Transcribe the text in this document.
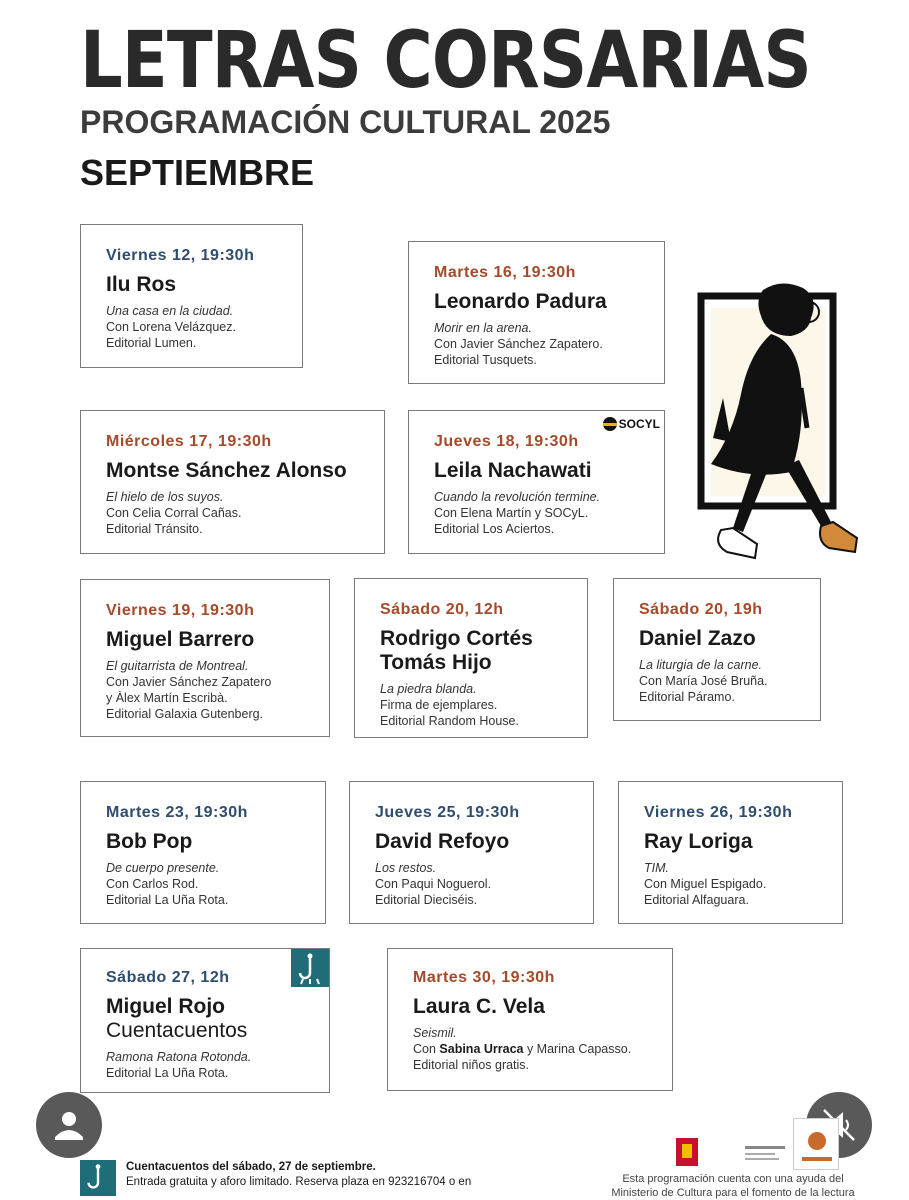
LETRAS CORSARIAS
PROGRAMACIÓN CULTURAL 2025
SEPTIEMBRE
Viernes 12, 19:30h
Ilu Ros
Una casa en la ciudad.
Con Lorena Velázquez.
Editorial Lumen.
Martes 16, 19:30h
Leonardo Padura
Morir en la arena.
Con Javier Sánchez Zapatero.
Editorial Tusquets.
Miércoles 17, 19:30h
Montse Sánchez Alonso
El hielo de los suyos.
Con Celia Corral Cañas.
Editorial Tránsito.
SOCYL
Jueves 18, 19:30h
Leila Nachawati
Cuando la revolución termine.
Con Elena Martín y SOCyL.
Editorial Los Aciertos.
Viernes 19, 19:30h
Miguel Barrero
El guitarrista de Montreal.
Con Javier Sánchez Zapatero
y Àlex Martín Escribà.
Editorial Galaxia Gutenberg.
Sábado 20, 12h
Rodrigo Cortés
Tomás Hijo
La piedra blanda.
Firma de ejemplares.
Editorial Random House.
Sábado 20, 19h
Daniel Zazo
La liturgia de la carne.
Con María José Bruña.
Editorial Páramo.
Martes 23, 19:30h
Bob Pop
De cuerpo presente.
Con Carlos Rod.
Editorial La Uña Rota.
Jueves 25, 19:30h
David Refoyo
Los restos.
Con Paqui Noguerol.
Editorial Dieciséis.
Viernes 26, 19:30h
Ray Loriga
TIM.
Con Miguel Espigado.
Editorial Alfaguara.
Sábado 27, 12h
Miguel Rojo
Cuentacuentos
Ramona Ratona Rotonda.
Editorial La Uña Rota.
Martes 30, 19:30h
Laura C. Vela
Seismil.
Con Sabina Urraca y Marina Capasso.
Editorial niños gratis.
Cuentacuentos del sábado, 27 de septiembre.
Entrada gratuita y aforo limitado. Reserva plaza en 923216704 o en	Esta programación cuenta con una ayuda del
Ministerio de Cultura para el fomento de la lectura
